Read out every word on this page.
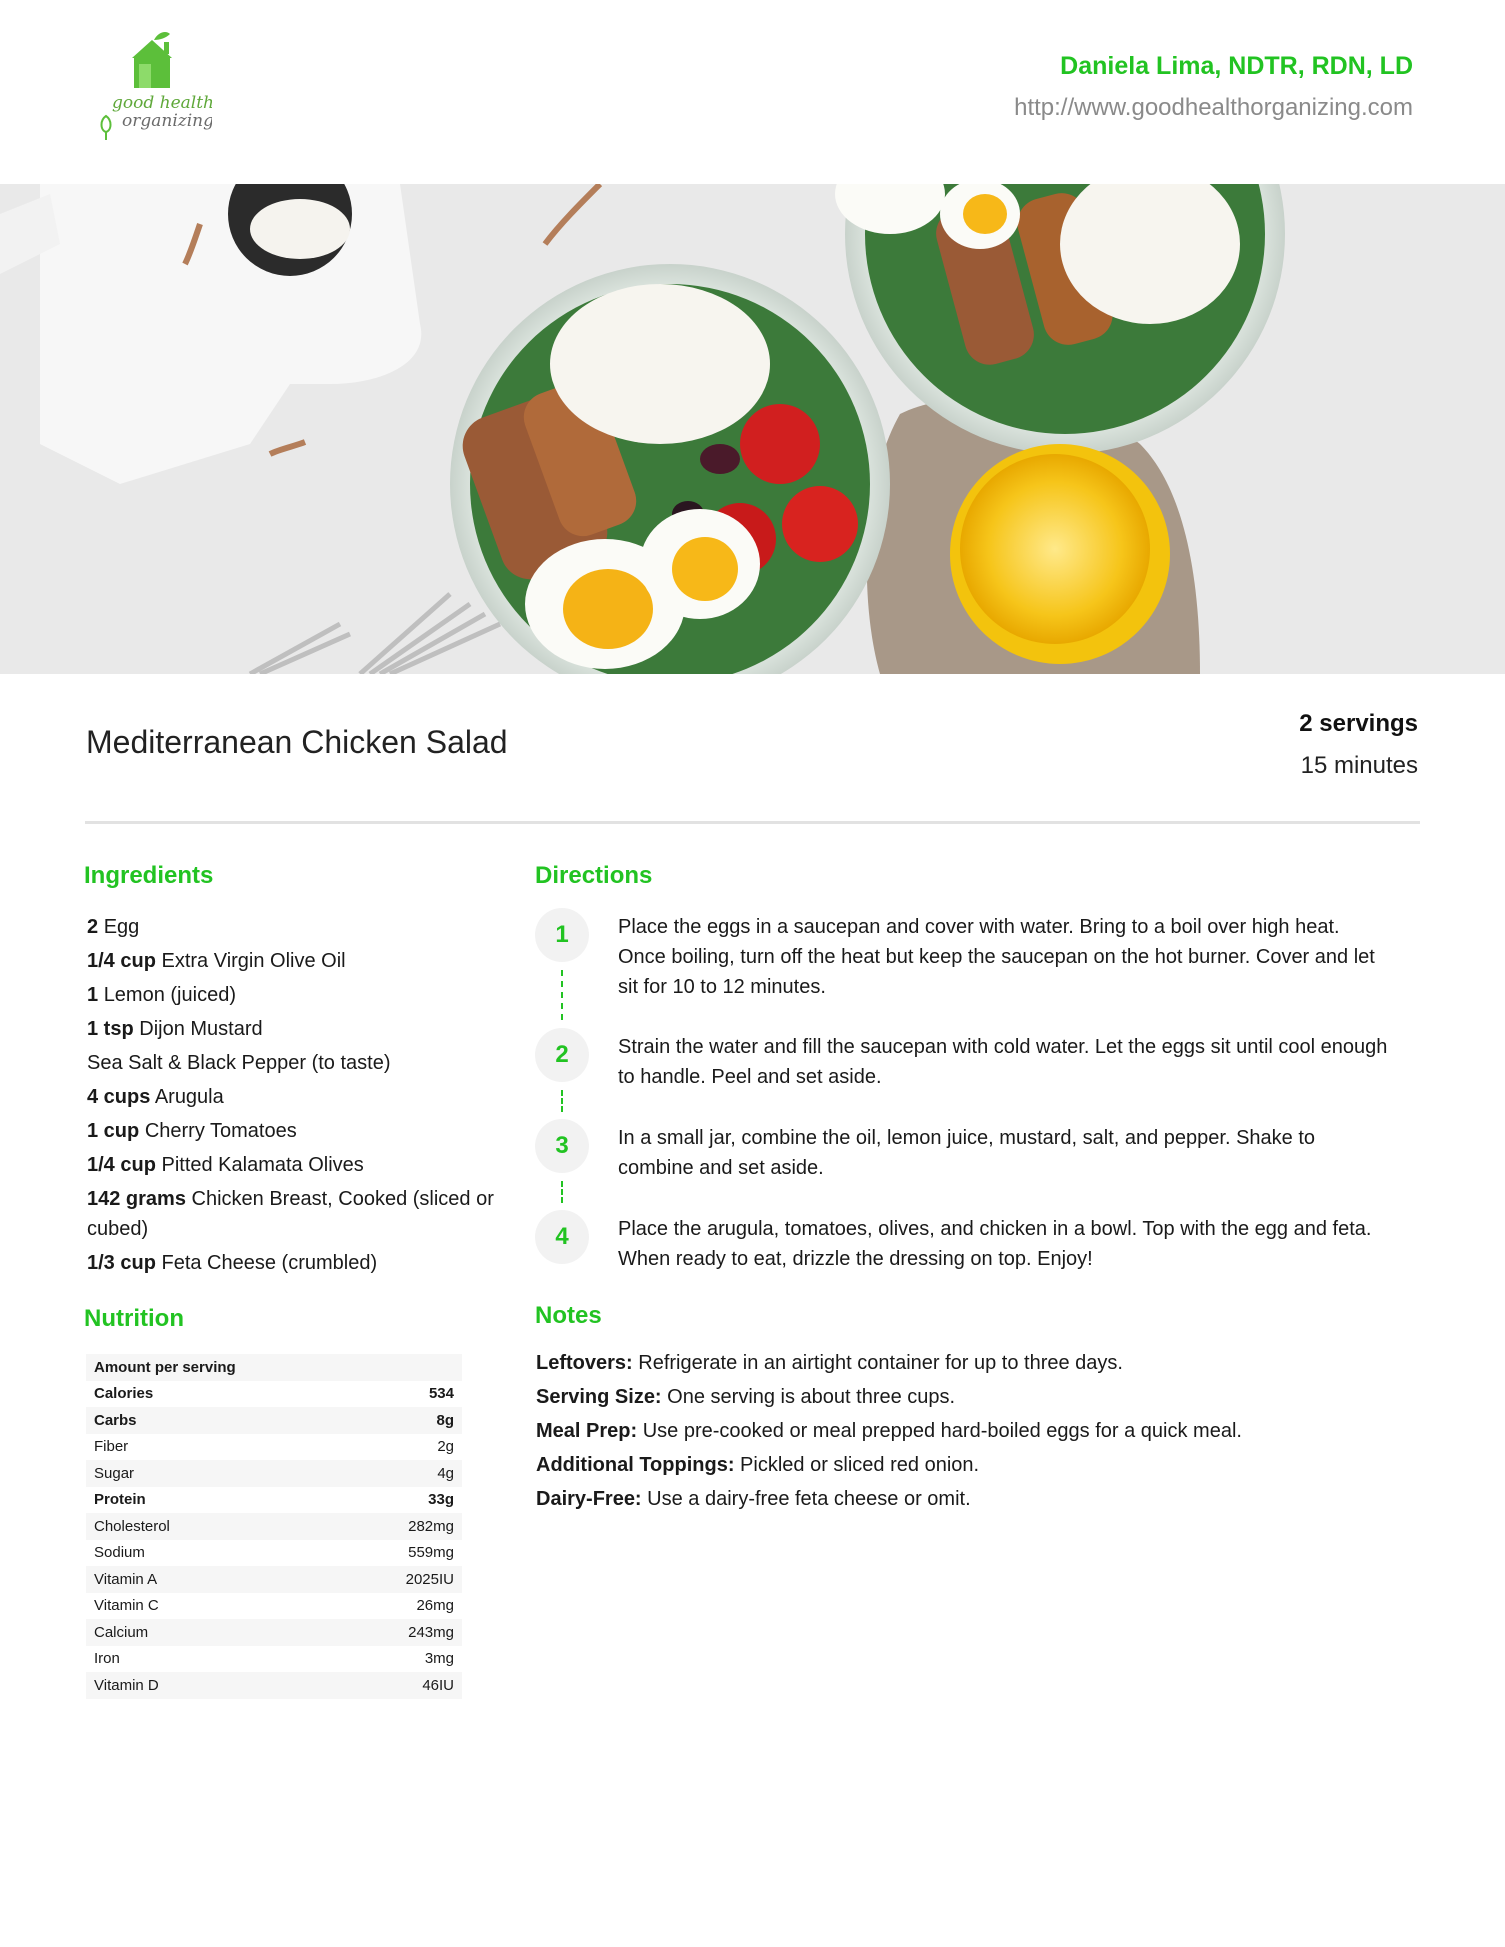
good health
organizing
Daniela Lima, NDTR, RDN, LD
http://www.goodhealthorganizing.com
Mediterranean Chicken Salad
2 servings
15 minutes
Ingredients
2 Egg
1/4 cup Extra Virgin Olive Oil
1 Lemon (juiced)
1 tsp Dijon Mustard
Sea Salt & Black Pepper (to taste)
4 cups Arugula
1 cup Cherry Tomatoes
1/4 cup Pitted Kalamata Olives
142 grams Chicken Breast, Cooked (sliced or cubed)
1/3 cup Feta Cheese (crumbled)
Nutrition
Amount per serving	
Calories	534
Carbs	8g
Fiber	2g
Sugar	4g
Protein	33g
Cholesterol	282mg
Sodium	559mg
Vitamin A	2025IU
Vitamin C	26mg
Calcium	243mg
Iron	3mg
Vitamin D	46IU
Directions
1	Place the eggs in a saucepan and cover with water. Bring to a boil over high heat. Once boiling, turn off the heat but keep the saucepan on the hot burner. Cover and let sit for 10 to 12 minutes.
2	Strain the water and fill the saucepan with cold water. Let the eggs sit until cool enough to handle. Peel and set aside.
3	In a small jar, combine the oil, lemon juice, mustard, salt, and pepper. Shake to combine and set aside.
4	Place the arugula, tomatoes, olives, and chicken in a bowl. Top with the egg and feta. When ready to eat, drizzle the dressing on top. Enjoy!
Notes
Leftovers: Refrigerate in an airtight container for up to three days.
Serving Size: One serving is about three cups.
Meal Prep: Use pre-cooked or meal prepped hard-boiled eggs for a quick meal.
Additional Toppings: Pickled or sliced red onion.
Dairy-Free: Use a dairy-free feta cheese or omit.
